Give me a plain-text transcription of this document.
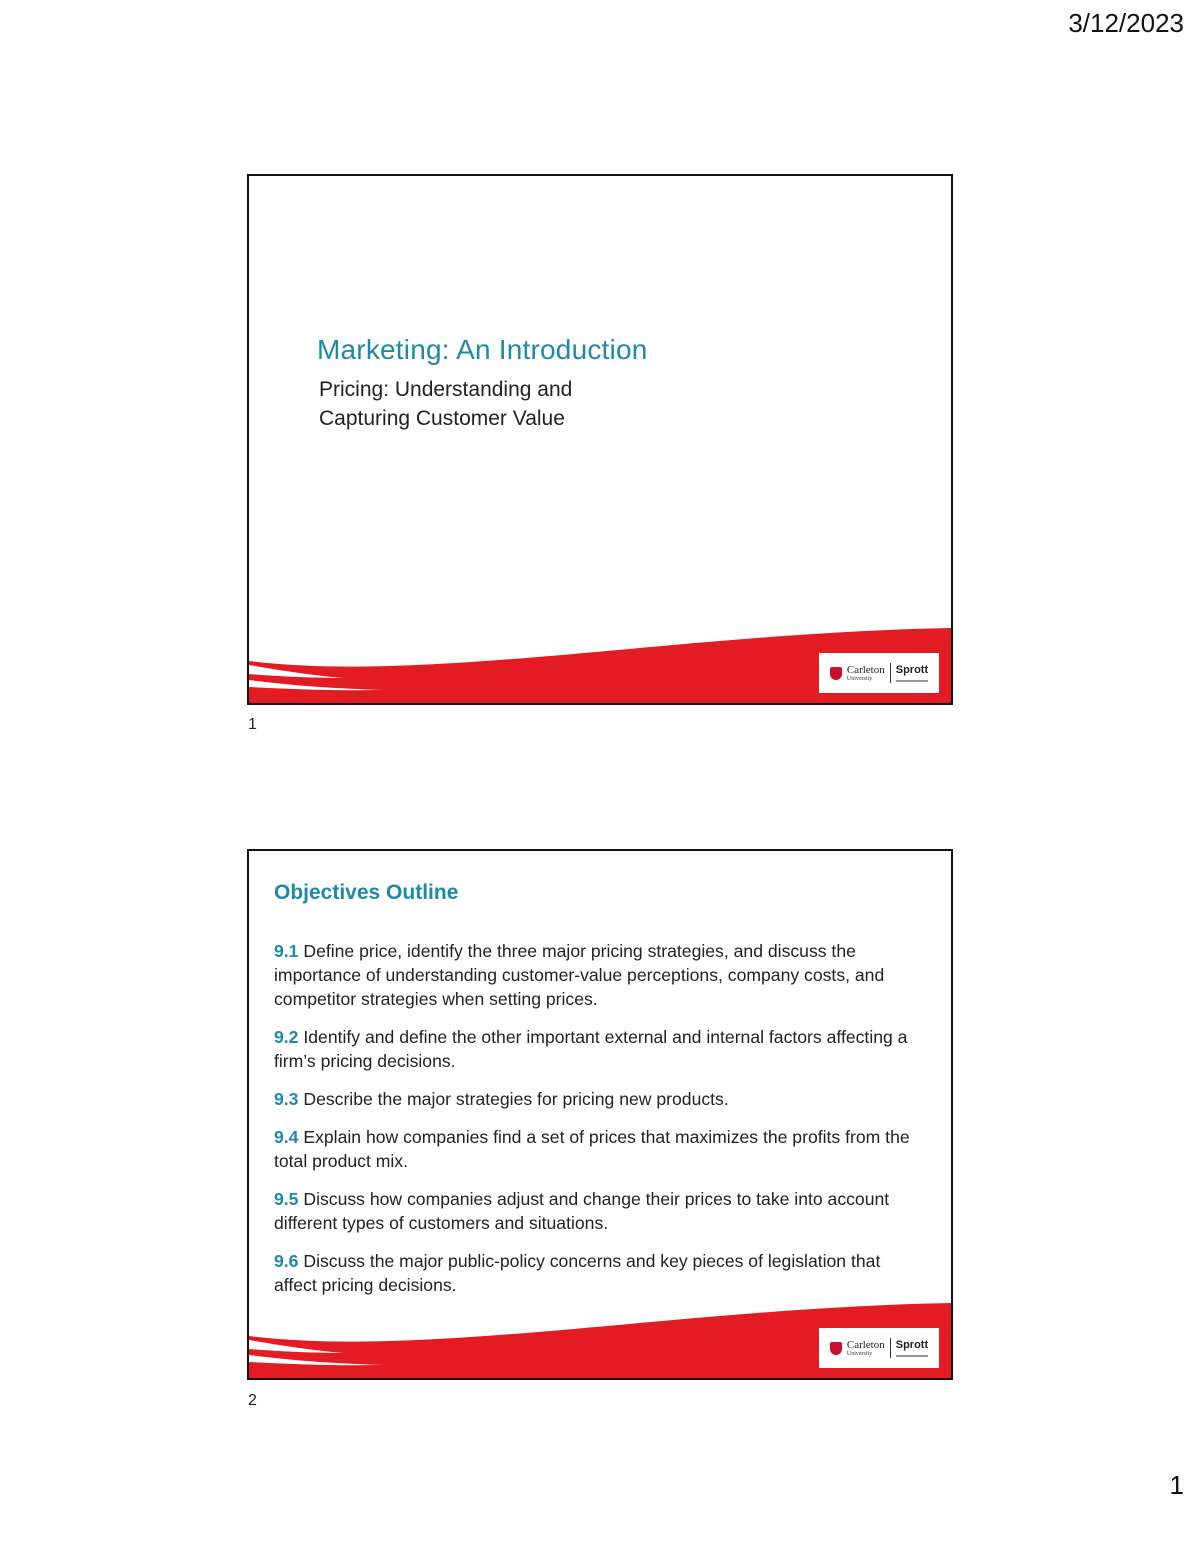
3/12/2023
Marketing: An Introduction

Pricing: Understanding and Capturing Customer Value

Carleton
University
Sprott
1
Objectives Outline
9.1 Define price, identify the three major pricing strategies, and discuss the importance of understanding customer-value perceptions, company costs, and competitor strategies when setting prices.
9.2 Identify and define the other important external and internal factors affecting a firm’s pricing decisions.
9.3 Describe the major strategies for pricing new products.
9.4 Explain how companies find a set of prices that maximizes the profits from the total product mix.
9.5 Discuss how companies adjust and change their prices to take into account different types of customers and situations.
9.6 Discuss the major public-policy concerns and key pieces of legislation that affect pricing decisions.
Carleton
University
Sprott
2
1
